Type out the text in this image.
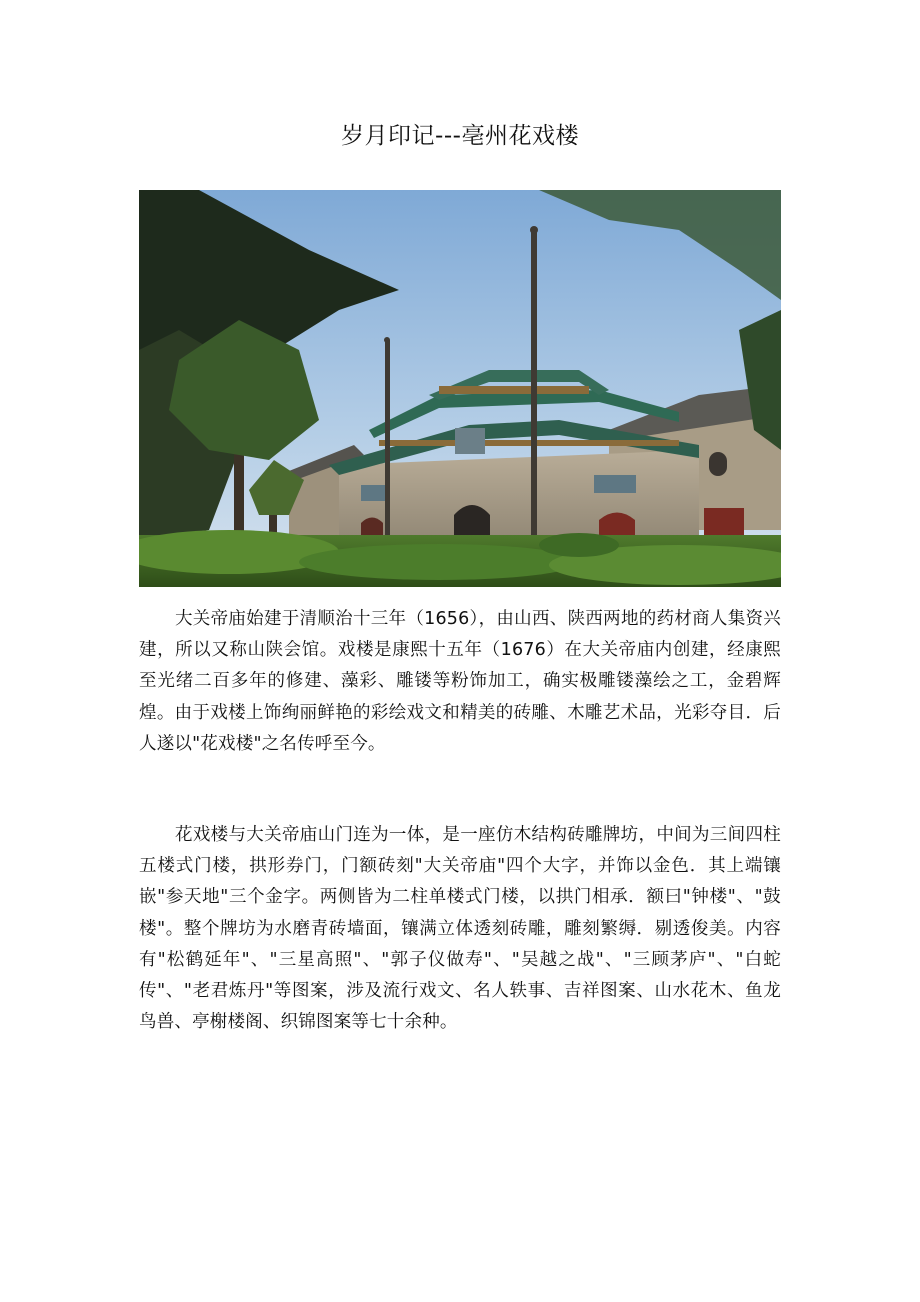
岁月印记---亳州花戏楼

大关帝庙始建于清顺治十三年（1656），由山西、陕西两地的药材商人集资兴建，所以又称山陕会馆。戏楼是康熙十五年（1676）在大关帝庙内创建，经康熙至光绪二百多年的修建、藻彩、雕镂等粉饰加工，确实极雕镂藻绘之工，金碧辉煌。由于戏楼上饰绚丽鲜艳的彩绘戏文和精美的砖雕、木雕艺术品，光彩夺目．后人遂以"花戏楼"之名传呼至今。

花戏楼与大关帝庙山门连为一体，是一座仿木结构砖雕牌坊，中间为三间四柱五楼式门楼，拱形券门，门额砖刻"大关帝庙"四个大字，并饰以金色．其上端镶嵌"参天地"三个金字。两侧皆为二柱单楼式门楼，以拱门相承．额曰"钟楼"、"鼓楼"。整个牌坊为水磨青砖墙面，镶满立体透刻砖雕，雕刻繁缛．剔透俊美。内容有"松鹤延年"、"三星高照"、"郭子仪做寿"、"吴越之战"、"三顾茅庐"、"白蛇传"、"老君炼丹"等图案，涉及流行戏文、名人轶事、吉祥图案、山水花木、鱼龙鸟兽、亭榭楼阁、织锦图案等七十余种。
